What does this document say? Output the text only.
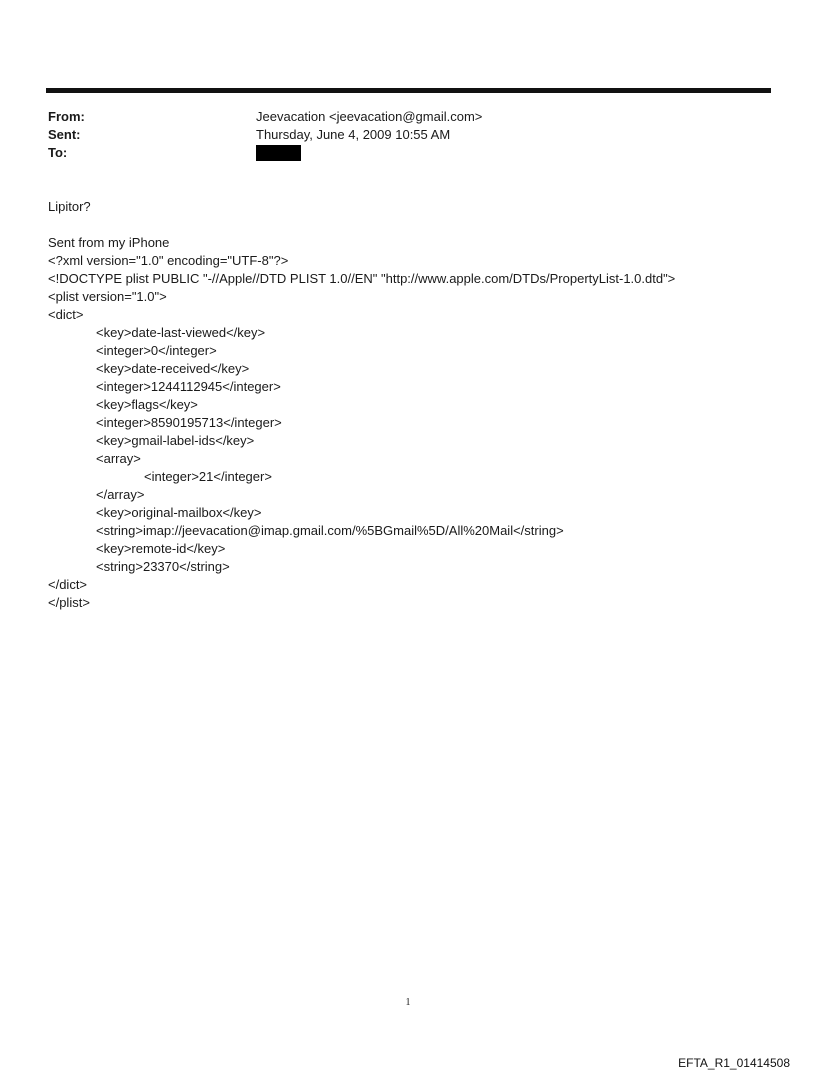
From:	Jeevacation <jeevacation@gmail.com>
Sent:	Thursday, June 4, 2009 10:55 AM
To:
Lipitor?
Sent from my iPhone
<?xml version="1.0" encoding="UTF-8"?>
<!DOCTYPE plist PUBLIC "-//Apple//DTD PLIST 1.0//EN" "http://www.apple.com/DTDs/PropertyList-1.0.dtd">
<plist version="1.0">
<dict>
<key>date-last-viewed</key>
<integer>0</integer>
<key>date-received</key>
<integer>1244112945</integer>
<key>flags</key>
<integer>8590195713</integer>
<key>gmail-label-ids</key>
<array>
<integer>21</integer>
</array>
<key>original-mailbox</key>
<string>imap://jeevacation@imap.gmail.com/%5BGmail%5D/All%20Mail</string>
<key>remote-id</key>
<string>23370</string>
</dict>
</plist>
1
EFTA_R1_01414508
